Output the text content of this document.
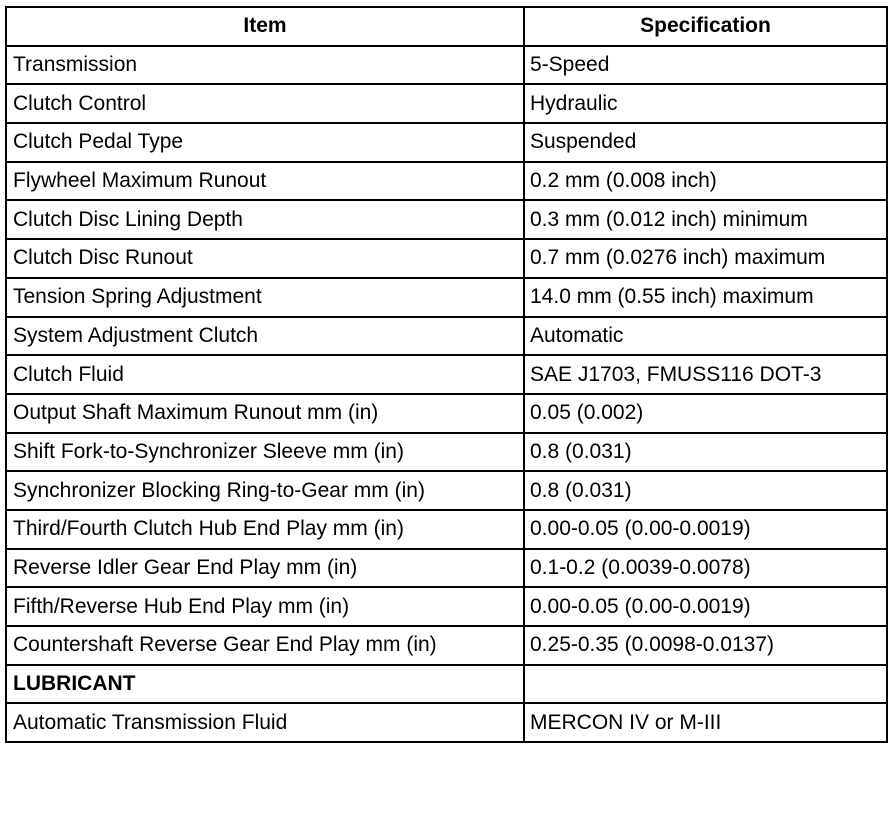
Item	Specification
Transmission	5-Speed
Clutch Control	Hydraulic
Clutch Pedal Type	Suspended
Flywheel Maximum Runout	0.2 mm (0.008 inch)
Clutch Disc Lining Depth	0.3 mm (0.012 inch) minimum
Clutch Disc Runout	0.7 mm (0.0276 inch) maximum
Tension Spring Adjustment	14.0 mm (0.55 inch) maximum
System Adjustment Clutch	Automatic
Clutch Fluid	SAE J1703, FMUSS116 DOT-3
Output Shaft Maximum Runout mm (in)	0.05 (0.002)
Shift Fork-to-Synchronizer Sleeve mm (in)	0.8 (0.031)
Synchronizer Blocking Ring-to-Gear mm (in)	0.8 (0.031)
Third/Fourth Clutch Hub End Play mm (in)	0.00-0.05 (0.00-0.0019)
Reverse Idler Gear End Play mm (in)	0.1-0.2 (0.0039-0.0078)
Fifth/Reverse Hub End Play mm (in)	0.00-0.05 (0.00-0.0019)
Countershaft Reverse Gear End Play mm (in)	0.25-0.35 (0.0098-0.0137)
LUBRICANT	
Automatic Transmission Fluid	MERCON IV or M-III
